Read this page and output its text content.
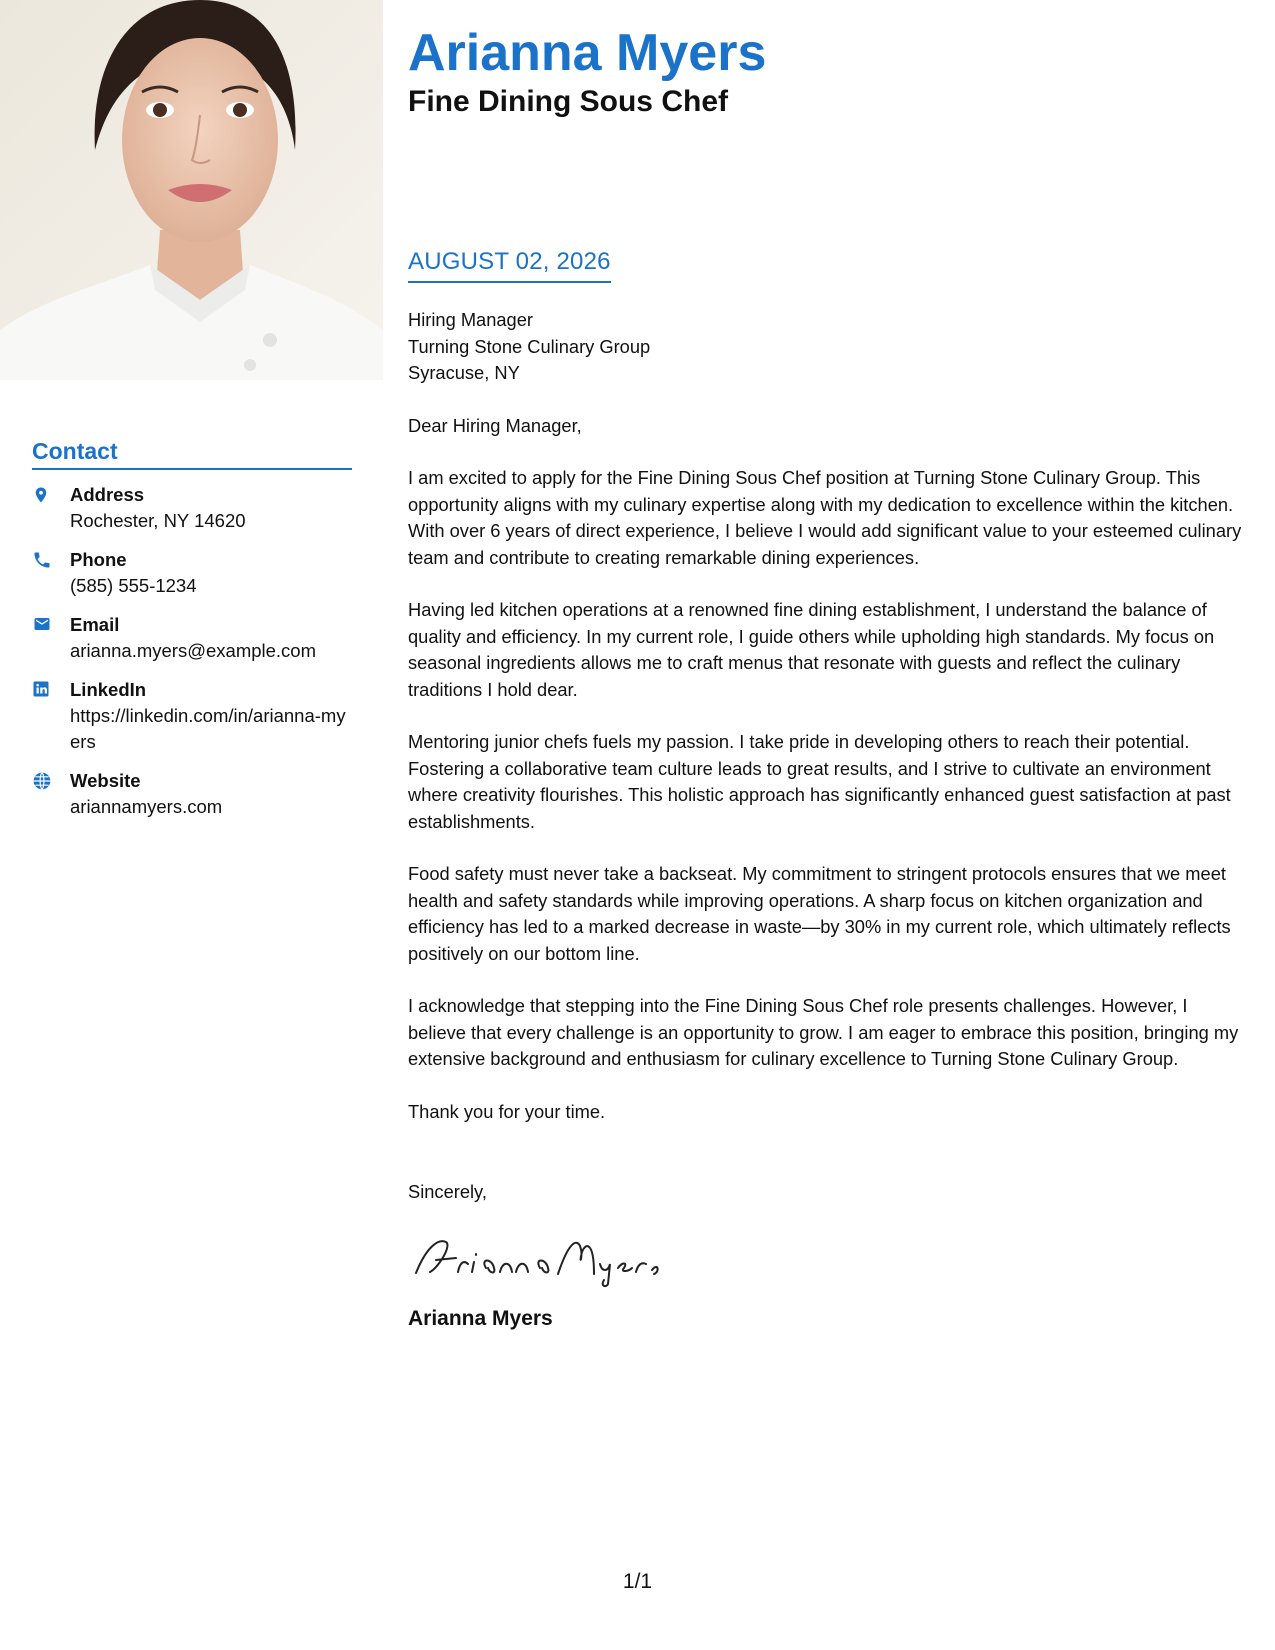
Arianna Myers
Fine Dining Sous Chef
AUGUST 02, 2026
Contact
Address
Rochester, NY 14620
Phone
(585) 555-1234
Email
arianna.myers@example.com
LinkedIn
https://linkedin.com/in/arianna-myers
Website
ariannamyers.com
Hiring Manager
Turning Stone Culinary Group
Syracuse, NY

Dear Hiring Manager,

I am excited to apply for the Fine Dining Sous Chef position at Turning Stone Culinary Group. This opportunity aligns with my culinary expertise along with my dedication to excellence within the kitchen. With over 6 years of direct experience, I believe I would add significant value to your esteemed culinary team and contribute to creating remarkable dining experiences.

Having led kitchen operations at a renowned fine dining establishment, I understand the balance of quality and efficiency. In my current role, I guide others while upholding high standards. My focus on seasonal ingredients allows me to craft menus that resonate with guests and reflect the culinary traditions I hold dear.

Mentoring junior chefs fuels my passion. I take pride in developing others to reach their potential. Fostering a collaborative team culture leads to great results, and I strive to cultivate an environment where creativity flourishes. This holistic approach has significantly enhanced guest satisfaction at past establishments.

Food safety must never take a backseat. My commitment to stringent protocols ensures that we meet health and safety standards while improving operations. A sharp focus on kitchen organization and efficiency has led to a marked decrease in waste—by 30% in my current role, which ultimately reflects positively on our bottom line.

I acknowledge that stepping into the Fine Dining Sous Chef role presents challenges. However, I believe that every challenge is an opportunity to grow. I am eager to embrace this position, bringing my extensive background and enthusiasm for culinary excellence to Turning Stone Culinary Group.

Thank you for your time.

Sincerely,
Arianna Myers
1/1
